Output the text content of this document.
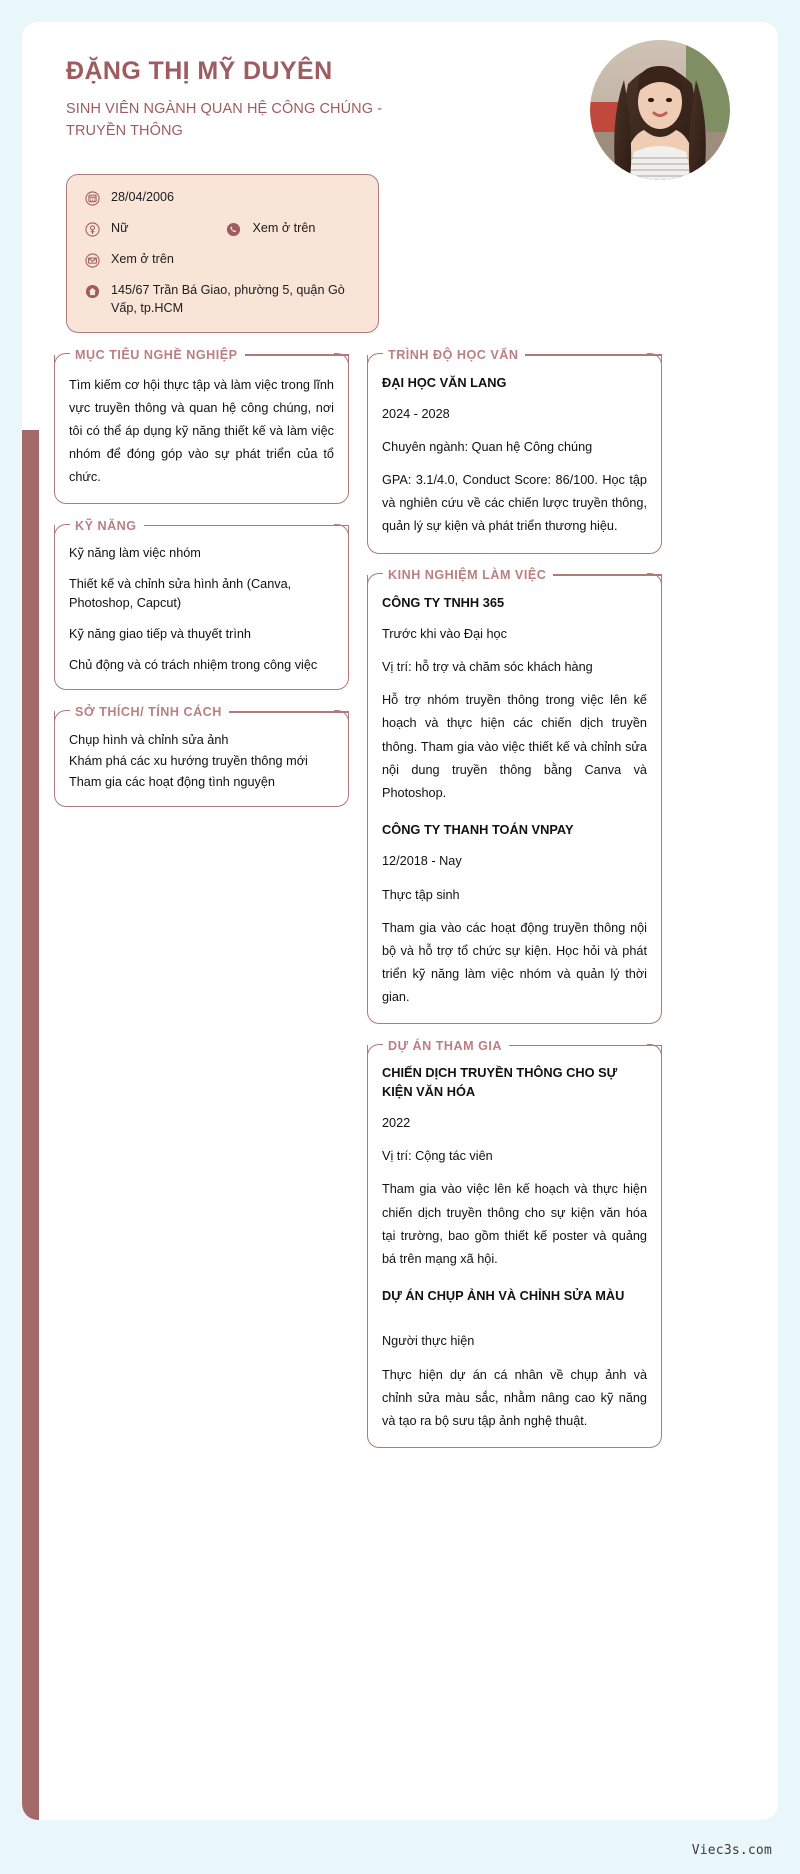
ĐẶNG THỊ MỸ DUYÊN
SINH VIÊN NGÀNH QUAN HỆ CÔNG CHÚNG - TRUYỀN THÔNG
28/04/2006
Nữ	Xem ở trên
Xem ở trên
145/67 Trần Bá Giao, phường 5, quận Gò Vấp, tp.HCM
MỤC TIÊU NGHỀ NGHIỆP
Tìm kiếm cơ hội thực tập và làm việc trong lĩnh vực truyền thông và quan hệ công chúng, nơi tôi có thể áp dụng kỹ năng thiết kế và làm việc nhóm để đóng góp vào sự phát triển của tổ chức.
KỸ NĂNG
Kỹ năng làm việc nhóm
Thiết kế và chỉnh sửa hình ảnh (Canva, Photoshop, Capcut)
Kỹ năng giao tiếp và thuyết trình
Chủ động và có trách nhiệm trong công việc
SỞ THÍCH/ TÍNH CÁCH
Chụp hình và chỉnh sửa ảnh
Khám phá các xu hướng truyền thông mới
Tham gia các hoạt động tình nguyện
TRÌNH ĐỘ HỌC VẤN
ĐẠI HỌC VĂN LANG
2024 - 2028
Chuyên ngành: Quan hệ Công chúng
GPA: 3.1/4.0, Conduct Score: 86/100. Học tập và nghiên cứu về các chiến lược truyền thông, quản lý sự kiện và phát triển thương hiệu.
KINH NGHIỆM LÀM VIỆC
CÔNG TY TNHH 365
Trước khi vào Đại học
Vị trí: hỗ trợ và chăm sóc khách hàng
Hỗ trợ nhóm truyền thông trong việc lên kế hoạch và thực hiện các chiến dịch truyền thông. Tham gia vào việc thiết kế và chỉnh sửa nội dung truyền thông bằng Canva và Photoshop.
CÔNG TY THANH TOÁN VNPAY
12/2018 - Nay
Thực tập sinh
Tham gia vào các hoạt động truyền thông nội bộ và hỗ trợ tổ chức sự kiện. Học hỏi và phát triển kỹ năng làm việc nhóm và quản lý thời gian.
DỰ ÁN THAM GIA
CHIẾN DỊCH TRUYỀN THÔNG CHO SỰ KIỆN VĂN HÓA
2022
Vị trí: Cộng tác viên
Tham gia vào việc lên kế hoạch và thực hiện chiến dịch truyền thông cho sự kiện văn hóa tại trường, bao gồm thiết kế poster và quảng bá trên mạng xã hội.
DỰ ÁN CHỤP ẢNH VÀ CHỈNH SỬA MÀU
Người thực hiện
Thực hiện dự án cá nhân về chụp ảnh và chỉnh sửa màu sắc, nhằm nâng cao kỹ năng và tạo ra bộ sưu tập ảnh nghệ thuật.
Viec3s.com
